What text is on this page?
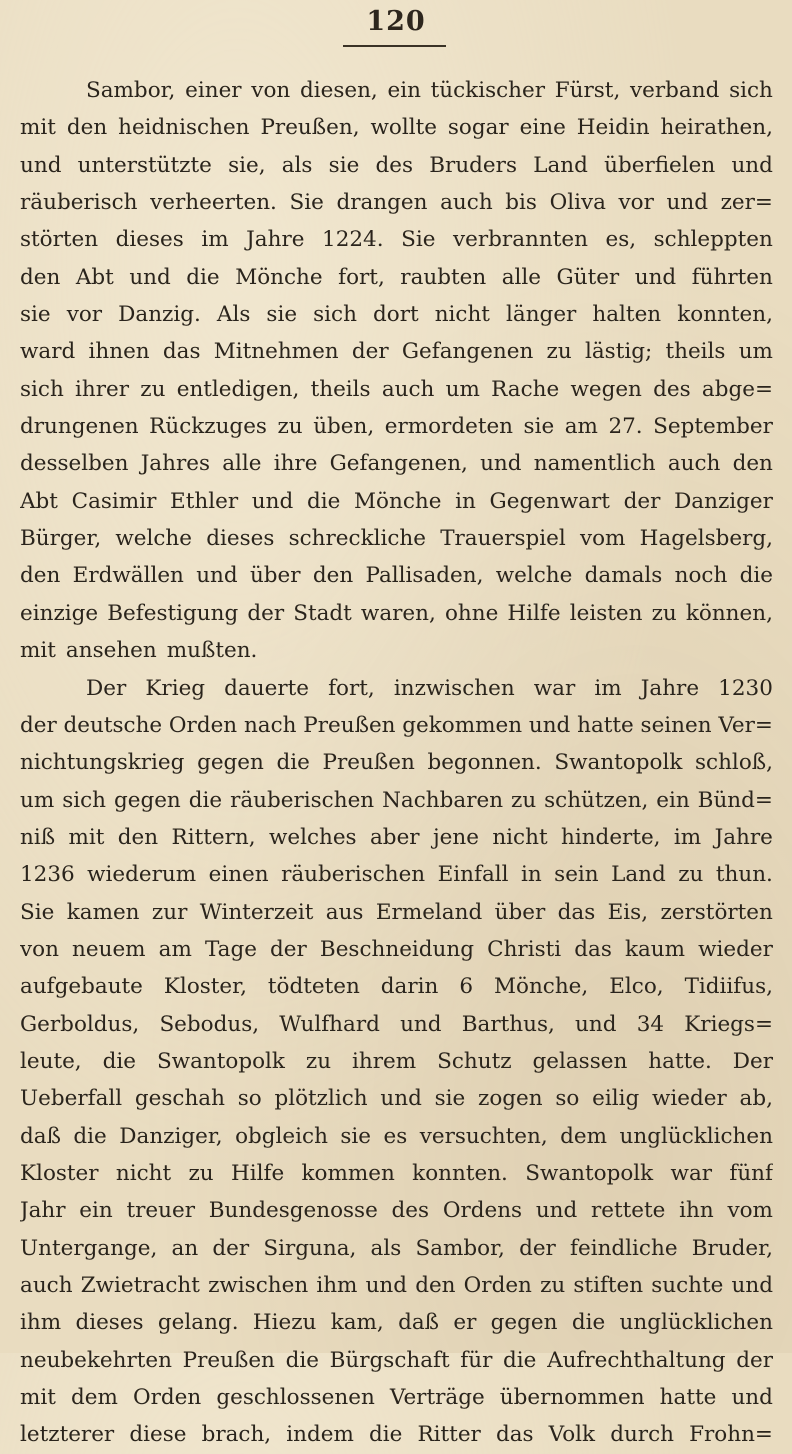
120
Sambor, einer von diesen, ein tückischer Fürst, verband sich
mit den heidnischen Preußen, wollte sogar eine Heidin heirathen,
und unterstützte sie, als sie des Bruders Land überfielen und
räuberisch verheerten. Sie drangen auch bis Oliva vor und zer=
störten dieses im Jahre 1224. Sie verbrannten es, schleppten
den Abt und die Mönche fort, raubten alle Güter und führten
sie vor Danzig. Als sie sich dort nicht länger halten konnten,
ward ihnen das Mitnehmen der Gefangenen zu lästig; theils um
sich ihrer zu entledigen, theils auch um Rache wegen des abge=
drungenen Rückzuges zu üben, ermordeten sie am 27. September
desselben Jahres alle ihre Gefangenen, und namentlich auch den
Abt Casimir Ethler und die Mönche in Gegenwart der Danziger
Bürger, welche dieses schreckliche Trauerspiel vom Hagelsberg,
den Erdwällen und über den Pallisaden, welche damals noch die
einzige Befestigung der Stadt waren, ohne Hilfe leisten zu können,
mit ansehen mußten.
Der Krieg dauerte fort, inzwischen war im Jahre 1230
der deutsche Orden nach Preußen gekommen und hatte seinen Ver=
nichtungskrieg gegen die Preußen begonnen. Swantopolk schloß,
um sich gegen die räuberischen Nachbaren zu schützen, ein Bünd=
niß mit den Rittern, welches aber jene nicht hinderte, im Jahre
1236 wiederum einen räuberischen Einfall in sein Land zu thun.
Sie kamen zur Winterzeit aus Ermeland über das Eis, zerstörten
von neuem am Tage der Beschneidung Christi das kaum wieder
aufgebaute Kloster, tödteten darin 6 Mönche, Elco, Tidiifus,
Gerboldus, Sebodus, Wulfhard und Barthus, und 34 Kriegs=
leute, die Swantopolk zu ihrem Schutz gelassen hatte. Der
Ueberfall geschah so plötzlich und sie zogen so eilig wieder ab,
daß die Danziger, obgleich sie es versuchten, dem unglücklichen
Kloster nicht zu Hilfe kommen konnten. Swantopolk war fünf
Jahr ein treuer Bundesgenosse des Ordens und rettete ihn vom
Untergange, an der Sirguna, als Sambor, der feindliche Bruder,
auch Zwietracht zwischen ihm und den Orden zu stiften suchte und
ihm dieses gelang. Hiezu kam, daß er gegen die unglücklichen
neubekehrten Preußen die Bürgschaft für die Aufrechthaltung der
mit dem Orden geschlossenen Verträge übernommen hatte und
letzterer diese brach, indem die Ritter das Volk durch Frohn=
